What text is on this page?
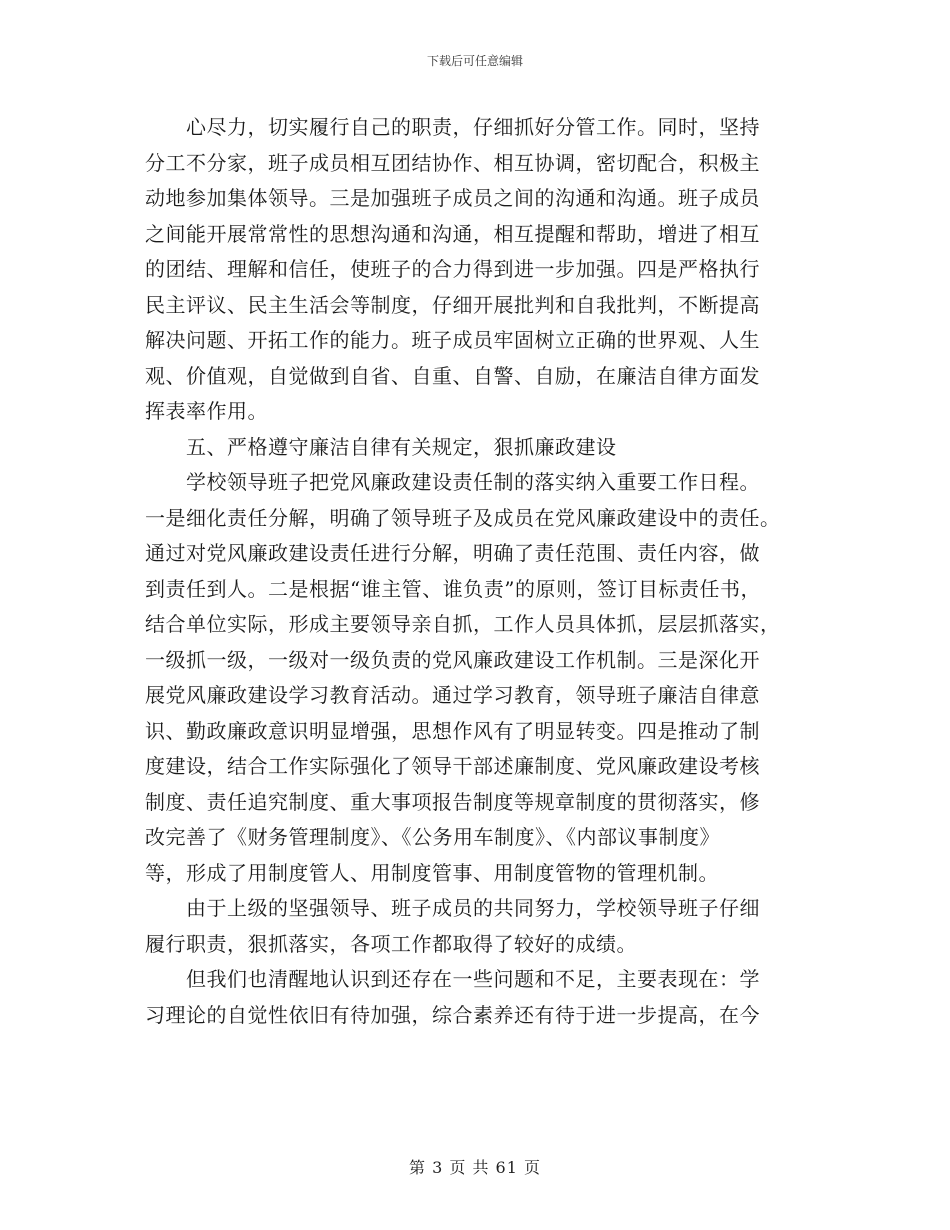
下载后可任意编辑
心尽力，切实履行自己的职责，仔细抓好分管工作。同时，坚持
分工不分家，班子成员相互团结协作、相互协调，密切配合，积极主
动地参加集体领导。三是加强班子成员之间的沟通和沟通。班子成员
之间能开展常常性的思想沟通和沟通，相互提醒和帮助，增进了相互
的团结、理解和信任，使班子的合力得到进一步加强。四是严格执行
民主评议、民主生活会等制度，仔细开展批判和自我批判，不断提高
解决问题、开拓工作的能力。班子成员牢固树立正确的世界观、人生
观、价值观，自觉做到自省、自重、自警、自励，在廉洁自律方面发
挥表率作用。
五、严格遵守廉洁自律有关规定，狠抓廉政建设
学校领导班子把党风廉政建设责任制的落实纳入重要工作日程。
一是细化责任分解，明确了领导班子及成员在党风廉政建设中的责任。
通过对党风廉政建设责任进行分解，明确了责任范围、责任内容，做
到责任到人。二是根据“谁主管、谁负责”的原则，签订目标责任书，
结合单位实际，形成主要领导亲自抓，工作人员具体抓，层层抓落实，
一级抓一级，一级对一级负责的党风廉政建设工作机制。三是深化开
展党风廉政建设学习教育活动。通过学习教育，领导班子廉洁自律意
识、勤政廉政意识明显增强，思想作风有了明显转变。四是推动了制
度建设，结合工作实际强化了领导干部述廉制度、党风廉政建设考核
制度、责任追究制度、重大事项报告制度等规章制度的贯彻落实，修
改完善了《财务管理制度》、《公务用车制度》、《内部议事制度》
等，形成了用制度管人、用制度管事、用制度管物的管理机制。
由于上级的坚强领导、班子成员的共同努力，学校领导班子仔细
履行职责，狠抓落实，各项工作都取得了较好的成绩。
但我们也清醒地认识到还存在一些问题和不足，主要表现在：学
习理论的自觉性依旧有待加强，综合素养还有待于进一步提高，在今
第 3 页 共 61 页
